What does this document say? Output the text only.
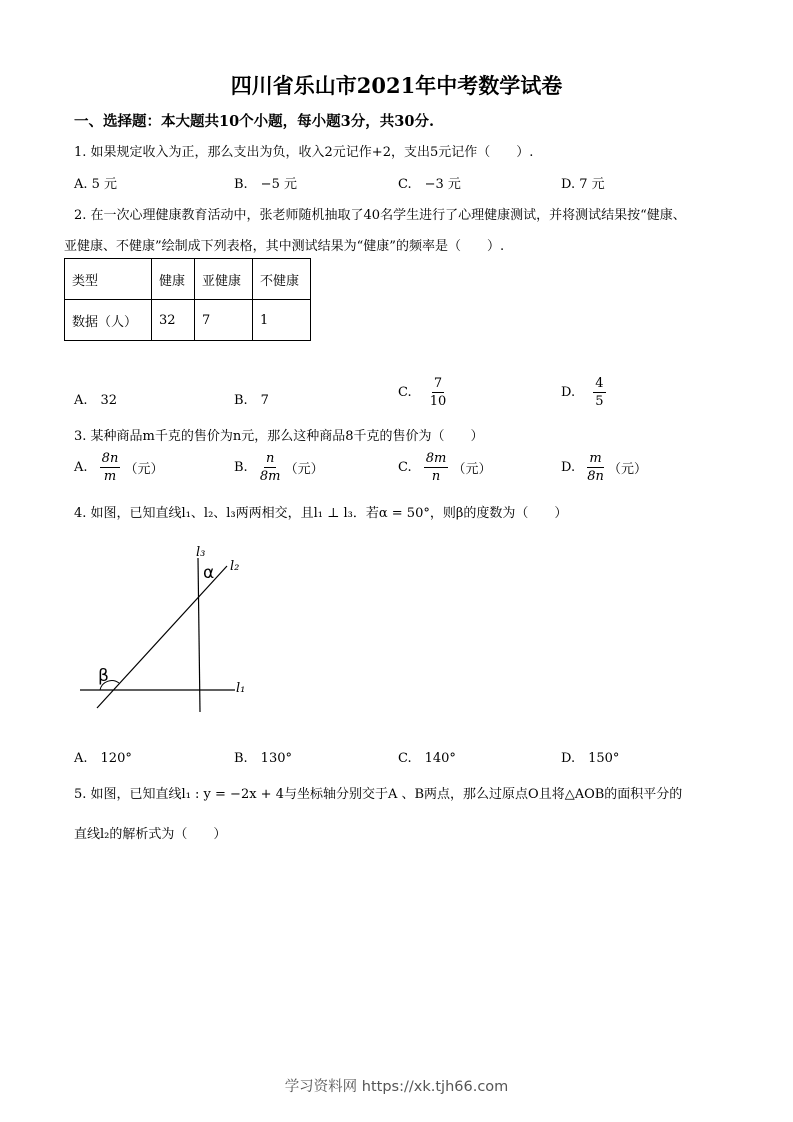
四川省乐山市2021年中考数学试卷
一、选择题：本大题共10个小题，每小题3分，共30分.
1. 如果规定收入为正，那么支出为负，收入2元记作+2，支出5元记作（　　）.
A. 5 元	B.　−5 元	C.　−3 元	D. 7 元
2. 在一次心理健康教育活动中，张老师随机抽取了40名学生进行了心理健康测试，并将测试结果按“健康、
亚健康、不健康”绘制成下列表格，其中测试结果为“健康”的频率是（　　）.
类型	健康	亚健康	不健康
数据（人）	32	7	1
A.　32	B.　7
C. $\frac{7}{10}$	D. $\frac{4}{5}$
3. 某种商品m千克的售价为n元，那么这种商品8千克的售价为（　　）
A. $\frac{8n}{m}$ （元）	B. $\frac{n}{8m}$ （元）	C. $\frac{8m}{n}$ （元）	D. $\frac{m}{8n}$ （元）
4. 如图，已知直线l₁、l₂、l₃两两相交，且l₁ ⊥ l₃．若α = 50°，则β的度数为（　　）
l₃
l₂
l₁
α
β
A.　120°	B.　130°	C.　140°	D.　150°
5. 如图，已知直线l₁ : y = −2x + 4与坐标轴分别交于A 、B两点，那么过原点O且将△AOB的面积平分的
直线l₂的解析式为（　　）
学习资料网 https://xk.tjh66.com
